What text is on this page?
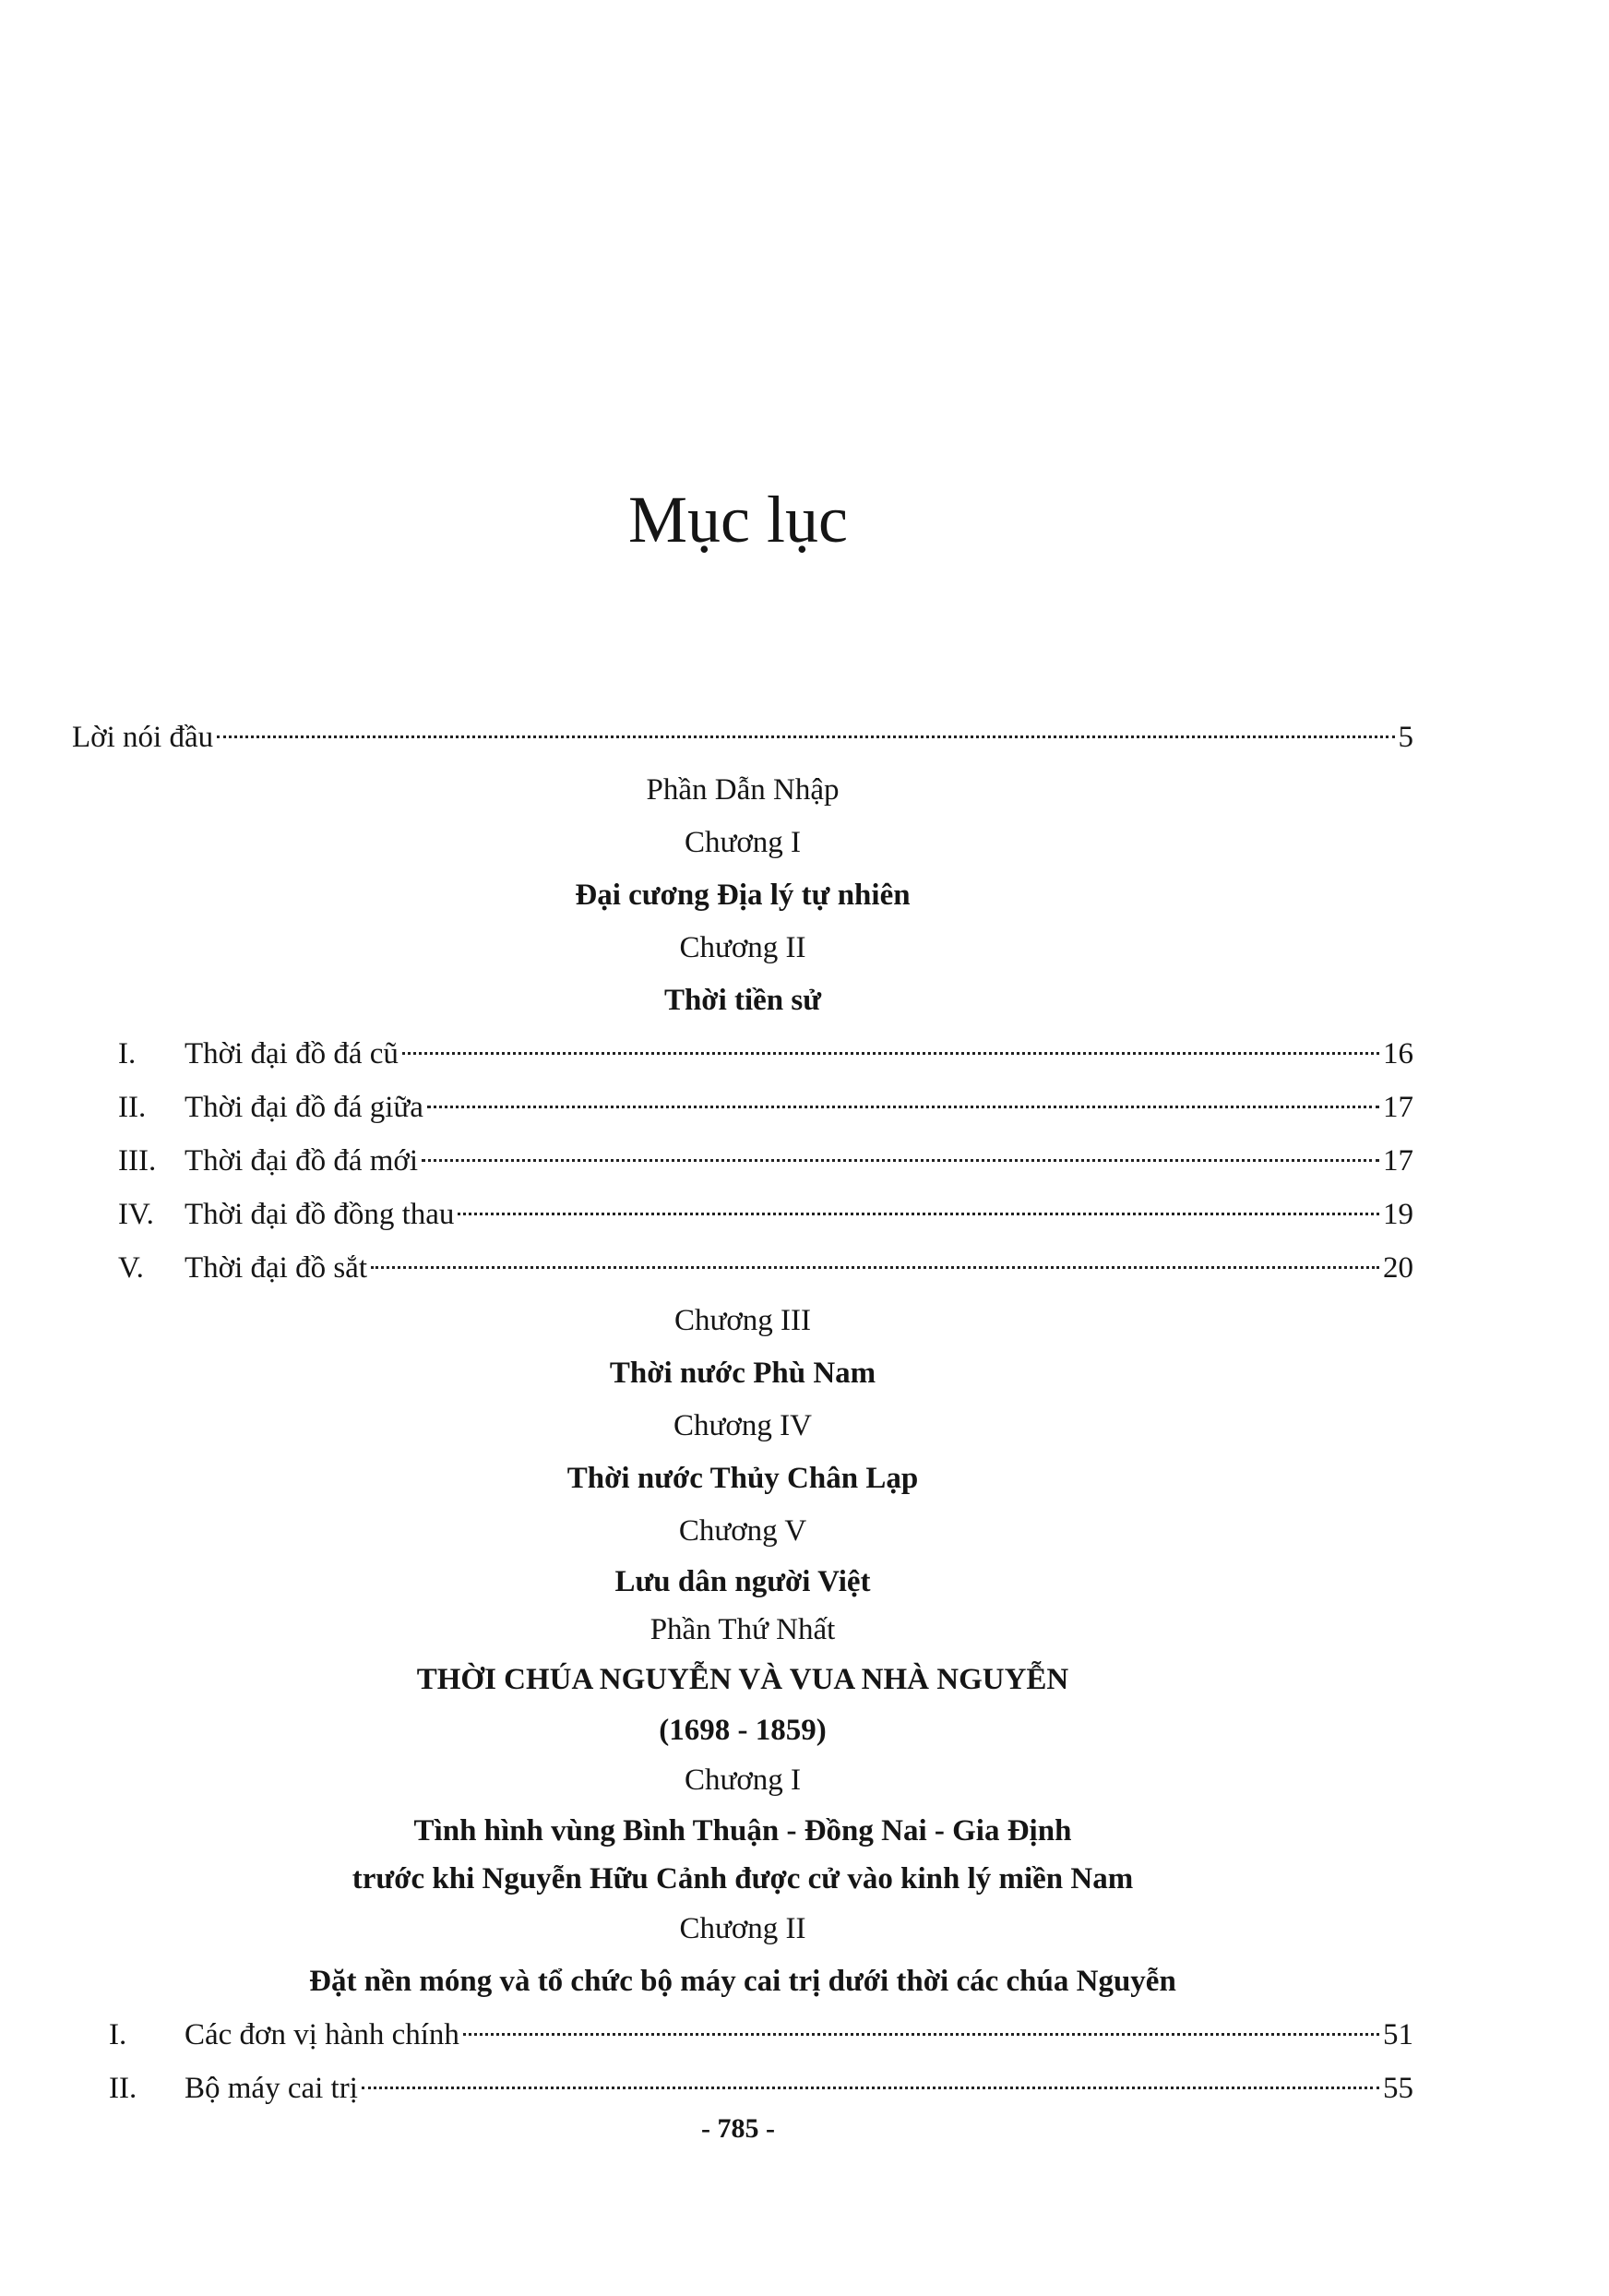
Mục lục
Lời nói đầu	5
Phần Dẫn Nhập
Chương I
Đại cương Địa lý tự nhiên
Chương II
Thời tiền sử
I.	Thời đại đồ đá cũ	16
II.	Thời đại đồ đá giữa	17
III. Thời đại đồ đá mới	17
IV.	Thời đại đồ đồng thau	19
V.	Thời đại đồ sắt	20
Chương III
Thời nước Phù Nam
Chương IV
Thời nước Thủy Chân Lạp
Chương V
Lưu dân người Việt
Phần Thứ Nhất
THỜI CHÚA NGUYỄN VÀ VUA NHÀ NGUYỄN
(1698 - 1859)
Chương I
Tình hình vùng Bình Thuận - Đồng Nai - Gia Định
trước khi Nguyễn Hữu Cảnh được cử vào kinh lý miền Nam
Chương II
Đặt nền móng và tổ chức bộ máy cai trị dưới thời các chúa Nguyễn
I.	Các đơn vị hành chính	51
II.	Bộ máy cai trị	55
- 785 -
